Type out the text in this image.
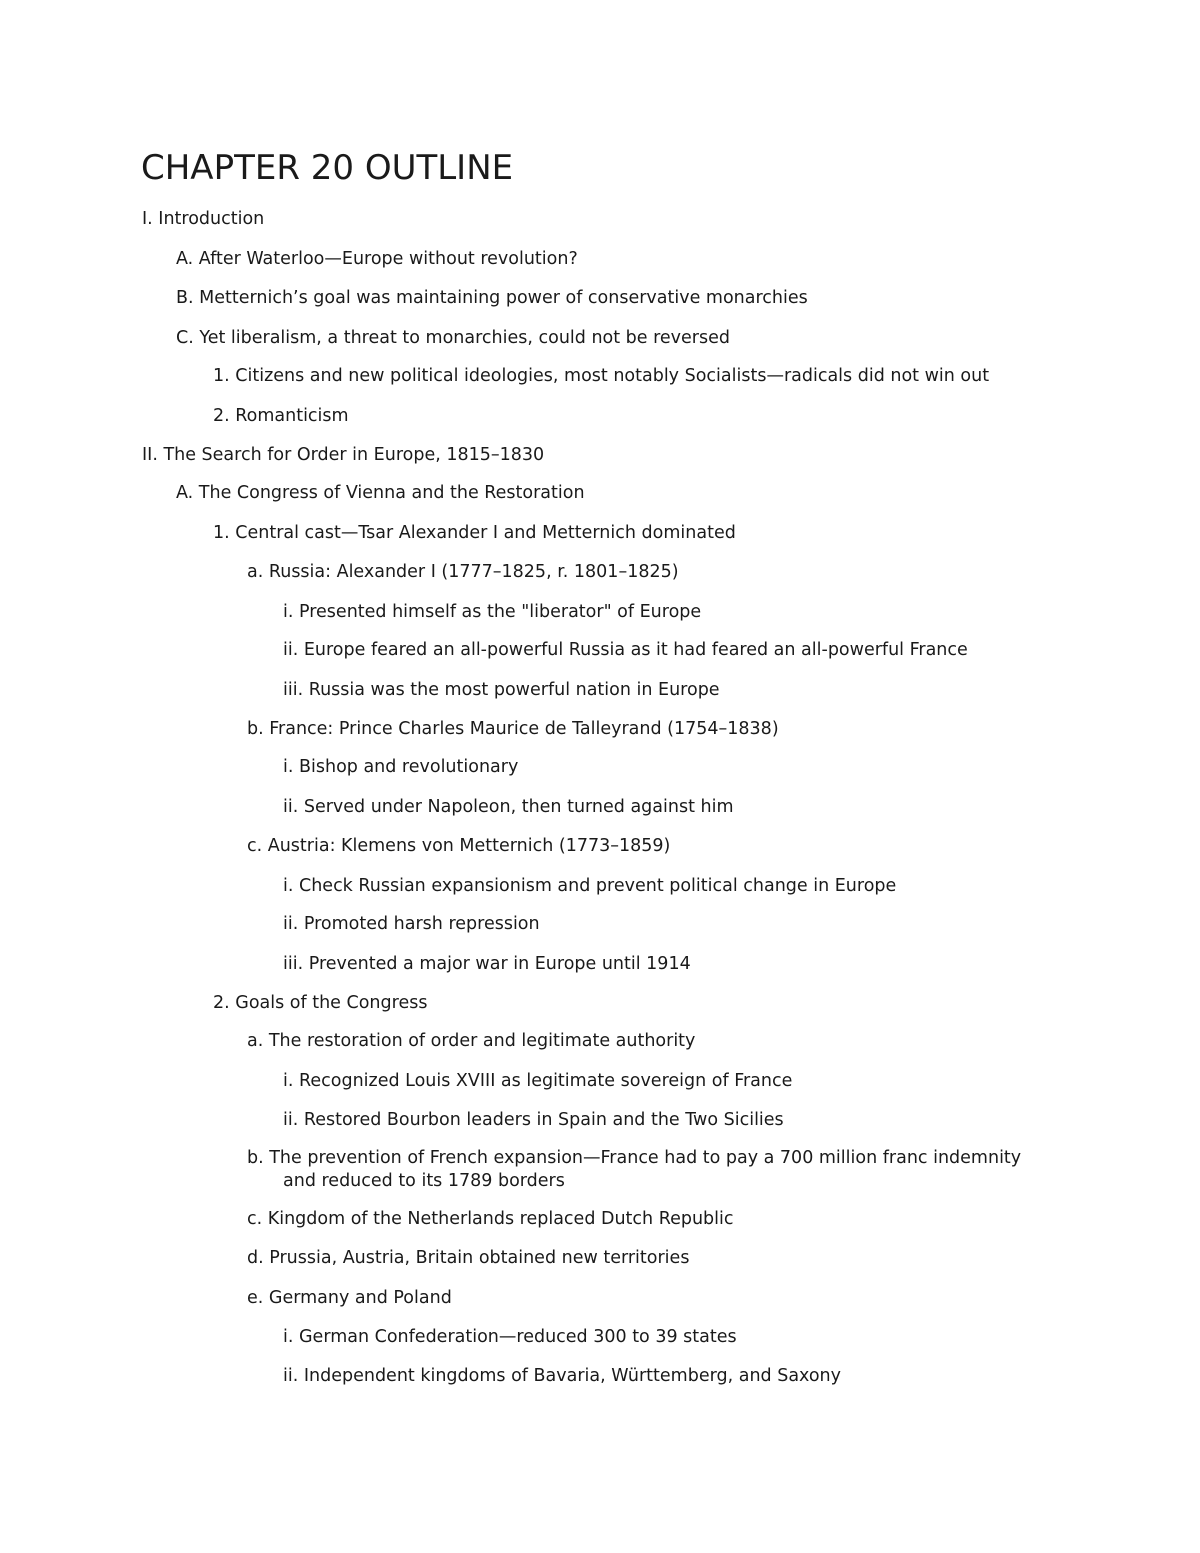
CHAPTER 20 OUTLINE
I. Introduction
A. After Waterloo—Europe without revolution?
B. Metternich’s goal was maintaining power of conservative monarchies
C. Yet liberalism, a threat to monarchies, could not be reversed
1. Citizens and new political ideologies, most notably Socialists—radicals did not win out
2. Romanticism
II. The Search for Order in Europe, 1815–1830
A. The Congress of Vienna and the Restoration
1. Central cast—Tsar Alexander I and Metternich dominated
a. Russia: Alexander I (1777–1825, r. 1801–1825)
i. Presented himself as the "liberator" of Europe
ii. Europe feared an all-powerful Russia as it had feared an all-powerful France
iii. Russia was the most powerful nation in Europe
b. France: Prince Charles Maurice de Talleyrand (1754–1838)
i. Bishop and revolutionary
ii. Served under Napoleon, then turned against him
c. Austria: Klemens von Metternich (1773–1859)
i. Check Russian expansionism and prevent political change in Europe
ii. Promoted harsh repression
iii. Prevented a major war in Europe until 1914
2. Goals of the Congress
a. The restoration of order and legitimate authority
i. Recognized Louis XVIII as legitimate sovereign of France
ii. Restored Bourbon leaders in Spain and the Two Sicilies
b. The prevention of French expansion—France had to pay a 700 million franc indemnity
and reduced to its 1789 borders
c. Kingdom of the Netherlands replaced Dutch Republic
d. Prussia, Austria, Britain obtained new territories
e. Germany and Poland
i. German Confederation—reduced 300 to 39 states
ii. Independent kingdoms of Bavaria, Württemberg, and Saxony
